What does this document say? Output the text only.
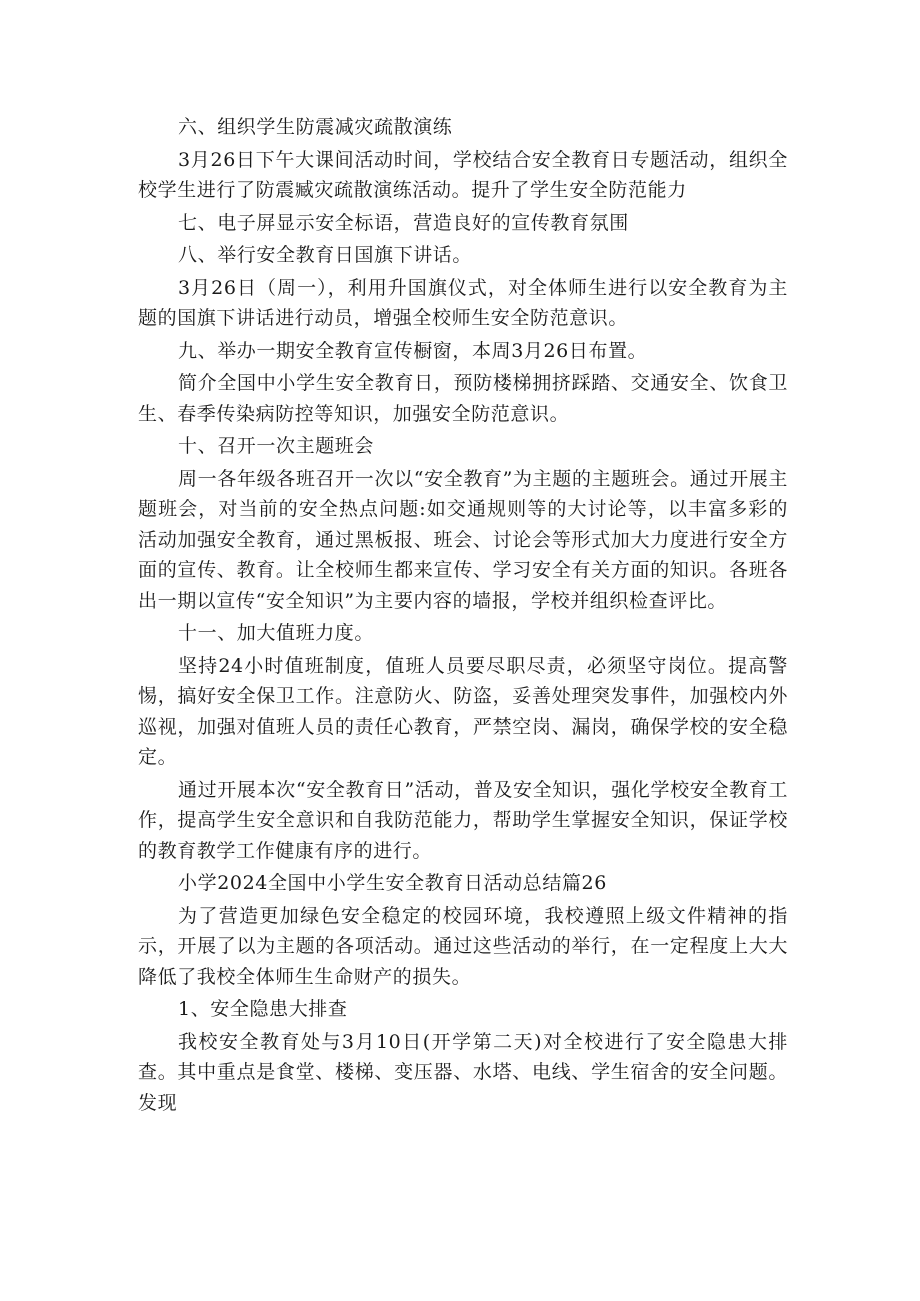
六、组织学生防震减灾疏散演练

3月26日下午大课间活动时间，学校结合安全教育日专题活动，组织全校学生进行了防震臧灾疏散演练活动。提升了学生安全防范能力

七、电子屏显示安全标语，营造良好的宣传教育氛围

八、举行安全教育日国旗下讲话。

3月26日（周一），利用升国旗仪式，对全体师生进行以安全教育为主题的国旗下讲话进行动员，增强全校师生安全防范意识。

九、举办一期安全教育宣传橱窗，本周3月26日布置。

简介全国中小学生安全教育日，预防楼梯拥挤踩踏、交通安全、饮食卫生、春季传染病防控等知识，加强安全防范意识。

十、召开一次主题班会

周一各年级各班召开一次以“安全教育”为主题的主题班会。通过开展主题班会，对当前的安全热点问题:如交通规则等的大讨论等，以丰富多彩的活动加强安全教育，通过黑板报、班会、讨论会等形式加大力度进行安全方面的宣传、教育。让全校师生都来宣传、学习安全有关方面的知识。各班各出一期以宣传“安全知识”为主要内容的墙报，学校并组织检查评比。

十一、加大值班力度。

坚持24小时值班制度，值班人员要尽职尽责，必须坚守岗位。提高警惕，搞好安全保卫工作。注意防火、防盗，妥善处理突发事件，加强校内外巡视，加强对值班人员的责任心教育，严禁空岗、漏岗，确保学校的安全稳定。

通过开展本次“安全教育日”活动，普及安全知识，强化学校安全教育工作，提高学生安全意识和自我防范能力，帮助学生掌握安全知识，保证学校的教育教学工作健康有序的进行。

小学2024全国中小学生安全教育日活动总结篇26

为了营造更加绿色安全稳定的校园环境，我校遵照上级文件精神的指示，开展了以为主题的各项活动。通过这些活动的举行，在一定程度上大大降低了我校全体师生生命财产的损失。

1、安全隐患大排查

我校安全教育处与3月10日(开学第二天)对全校进行了安全隐患大排查。其中重点是食堂、楼梯、变压器、水塔、电线、学生宿舍的安全问题。发现
